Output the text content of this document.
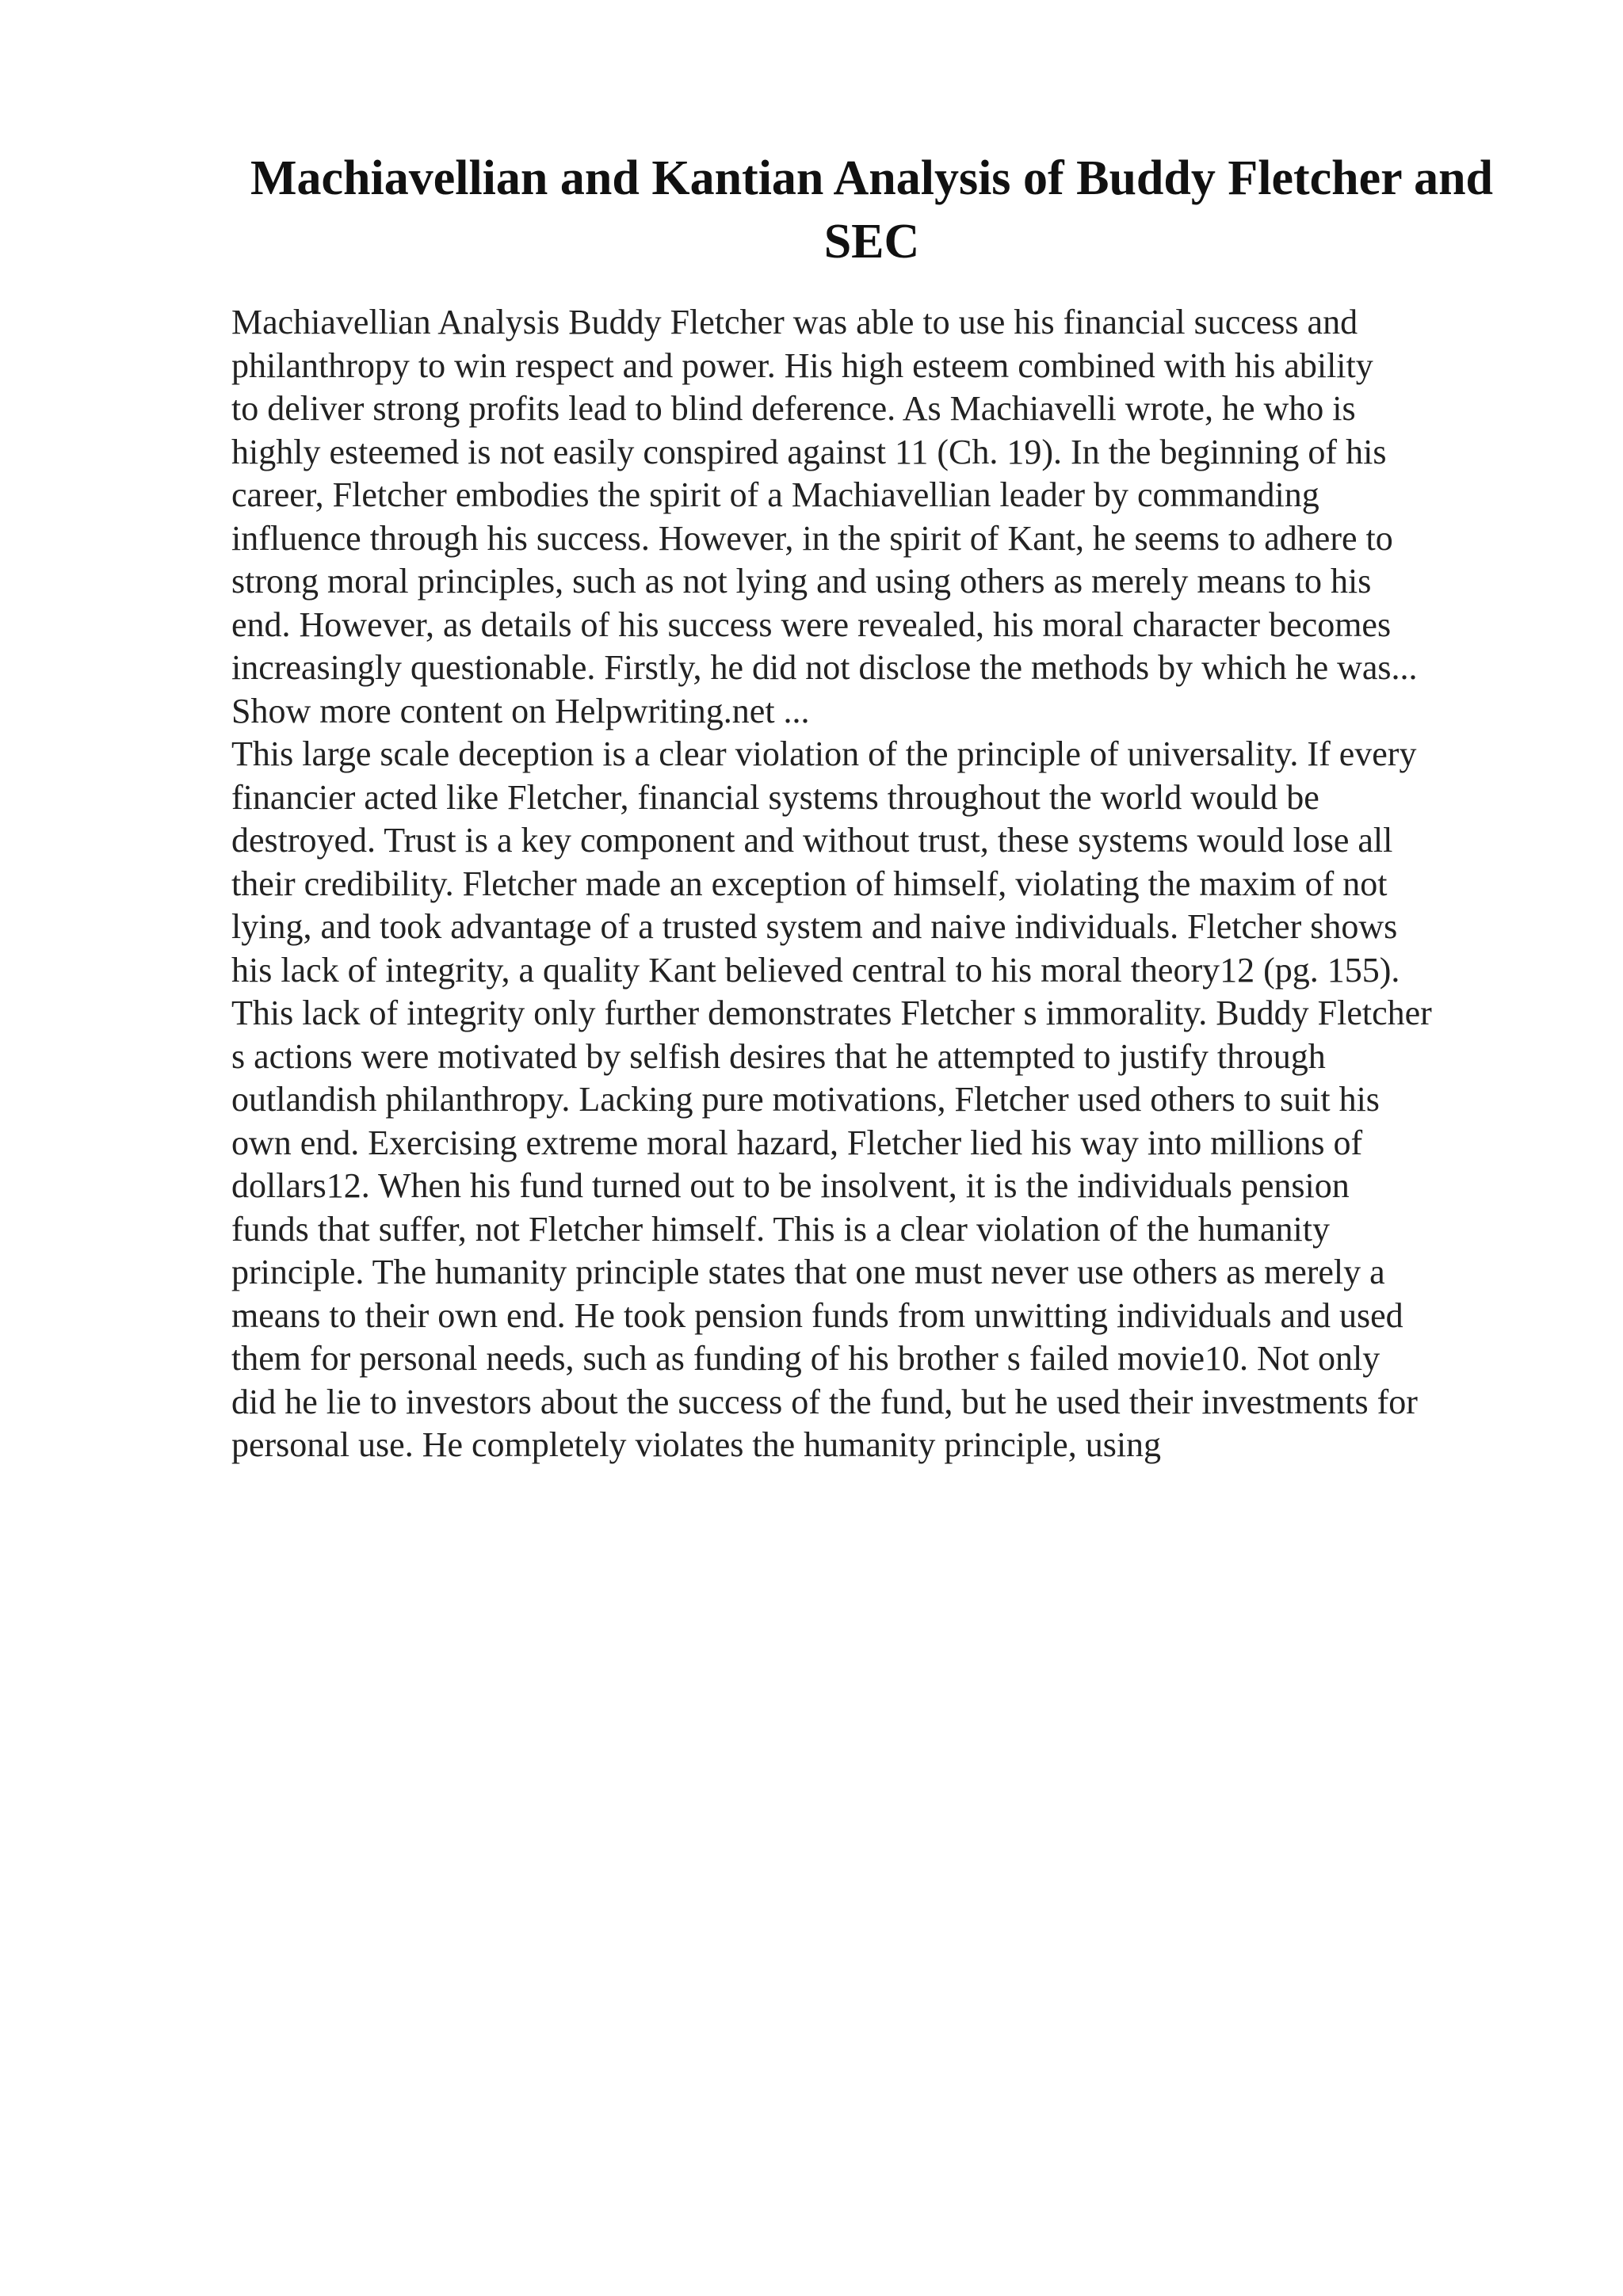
Machiavellian and Kantian Analysis of Buddy Fletcher and
SEC
Machiavellian Analysis Buddy Fletcher was able to use his financial success and
philanthropy to win respect and power. His high esteem combined with his ability
to deliver strong profits lead to blind deference. As Machiavelli wrote, he who is
highly esteemed is not easily conspired against 11 (Ch. 19). In the beginning of his
career, Fletcher embodies the spirit of a Machiavellian leader by commanding
influence through his success. However, in the spirit of Kant, he seems to adhere to
strong moral principles, such as not lying and using others as merely means to his
end. However, as details of his success were revealed, his moral character becomes
increasingly questionable. Firstly, he did not disclose the methods by which he was...
Show more content on Helpwriting.net ...
This large scale deception is a clear violation of the principle of universality. If every
financier acted like Fletcher, financial systems throughout the world would be
destroyed. Trust is a key component and without trust, these systems would lose all
their credibility. Fletcher made an exception of himself, violating the maxim of not
lying, and took advantage of a trusted system and naive individuals. Fletcher shows
his lack of integrity, a quality Kant believed central to his moral theory12 (pg. 155).
This lack of integrity only further demonstrates Fletcher s immorality. Buddy Fletcher
s actions were motivated by selfish desires that he attempted to justify through
outlandish philanthropy. Lacking pure motivations, Fletcher used others to suit his
own end. Exercising extreme moral hazard, Fletcher lied his way into millions of
dollars12. When his fund turned out to be insolvent, it is the individuals pension
funds that suffer, not Fletcher himself. This is a clear violation of the humanity
principle. The humanity principle states that one must never use others as merely a
means to their own end. He took pension funds from unwitting individuals and used
them for personal needs, such as funding of his brother s failed movie10. Not only
did he lie to investors about the success of the fund, but he used their investments for
personal use. He completely violates the humanity principle, using
